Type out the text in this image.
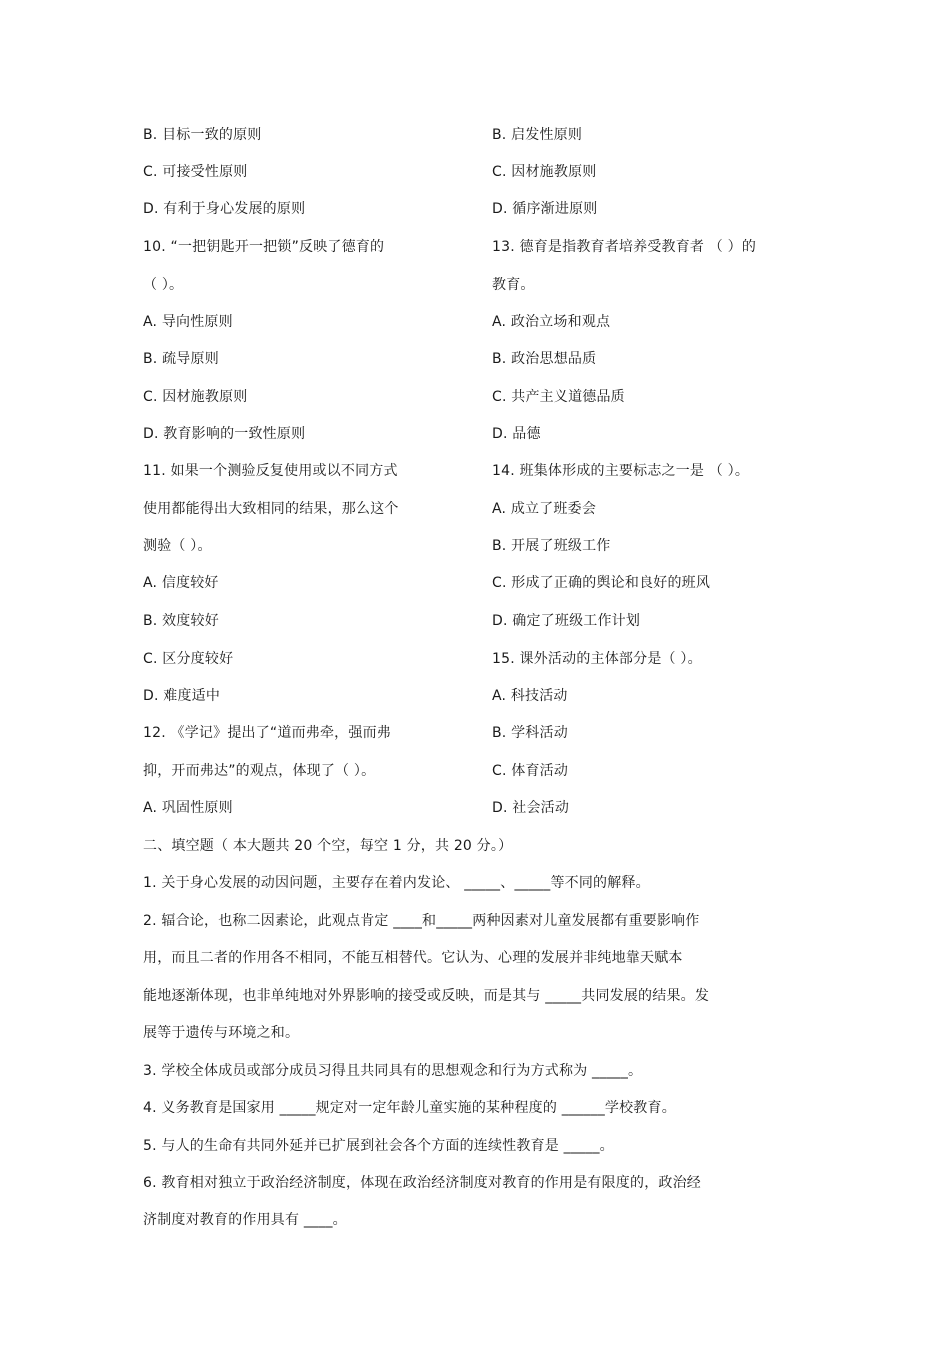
B. 目标一致的原则
C. 可接受性原则
D. 有利于身心发展的原则
10. “一把钥匙开一把锁”反映了德育的
（ ）。
A. 导向性原则
B. 疏导原则
C. 因材施教原则
D. 教育影响的一致性原则
11. 如果一个测验反复使用或以不同方式
使用都能得出大致相同的结果，那么这个
测验（ ）。
A. 信度较好
B. 效度较好
C. 区分度较好
D. 难度适中
12. 《学记》提出了“道而弗牵，强而弗
抑，开而弗达”的观点，体现了（ ）。
A. 巩固性原则
B. 启发性原则
C. 因材施教原则
D. 循序渐进原则
13. 德育是指教育者培养受教育者 （ ）的
教育。
A. 政治立场和观点
B. 政治思想品质
C. 共产主义道德品质
D. 品德
14. 班集体形成的主要标志之一是 （ ）。
A. 成立了班委会
B. 开展了班级工作
C. 形成了正确的舆论和良好的班风
D. 确定了班级工作计划
15. 课外活动的主体部分是（ ）。
A. 科技活动
B. 学科活动
C. 体育活动
D. 社会活动
二、填空题（ 本大题共 20 个空，每空 1 分，共 20 分。）
1. 关于身心发展的动因问题，主要存在着内发论、 _____、_____等不同的解释。
2. 辐合论，也称二因素论，此观点肯定 ____和_____两种因素对儿童发展都有重要影响作
用，而且二者的作用各不相同，不能互相替代。它认为、心理的发展并非纯地靠天赋本
能地逐渐体现，也非单纯地对外界影响的接受或反映，而是其与 _____共同发展的结果。发
展等于遗传与环境之和。
3. 学校全体成员或部分成员习得且共同具有的思想观念和行为方式称为 _____。
4. 义务教育是国家用 _____规定对一定年龄儿童实施的某种程度的 ______学校教育。
5. 与人的生命有共同外延并已扩展到社会各个方面的连续性教育是 _____。
6. 教育相对独立于政治经济制度，体现在政治经济制度对教育的作用是有限度的，政治经
济制度对教育的作用具有 ____。
